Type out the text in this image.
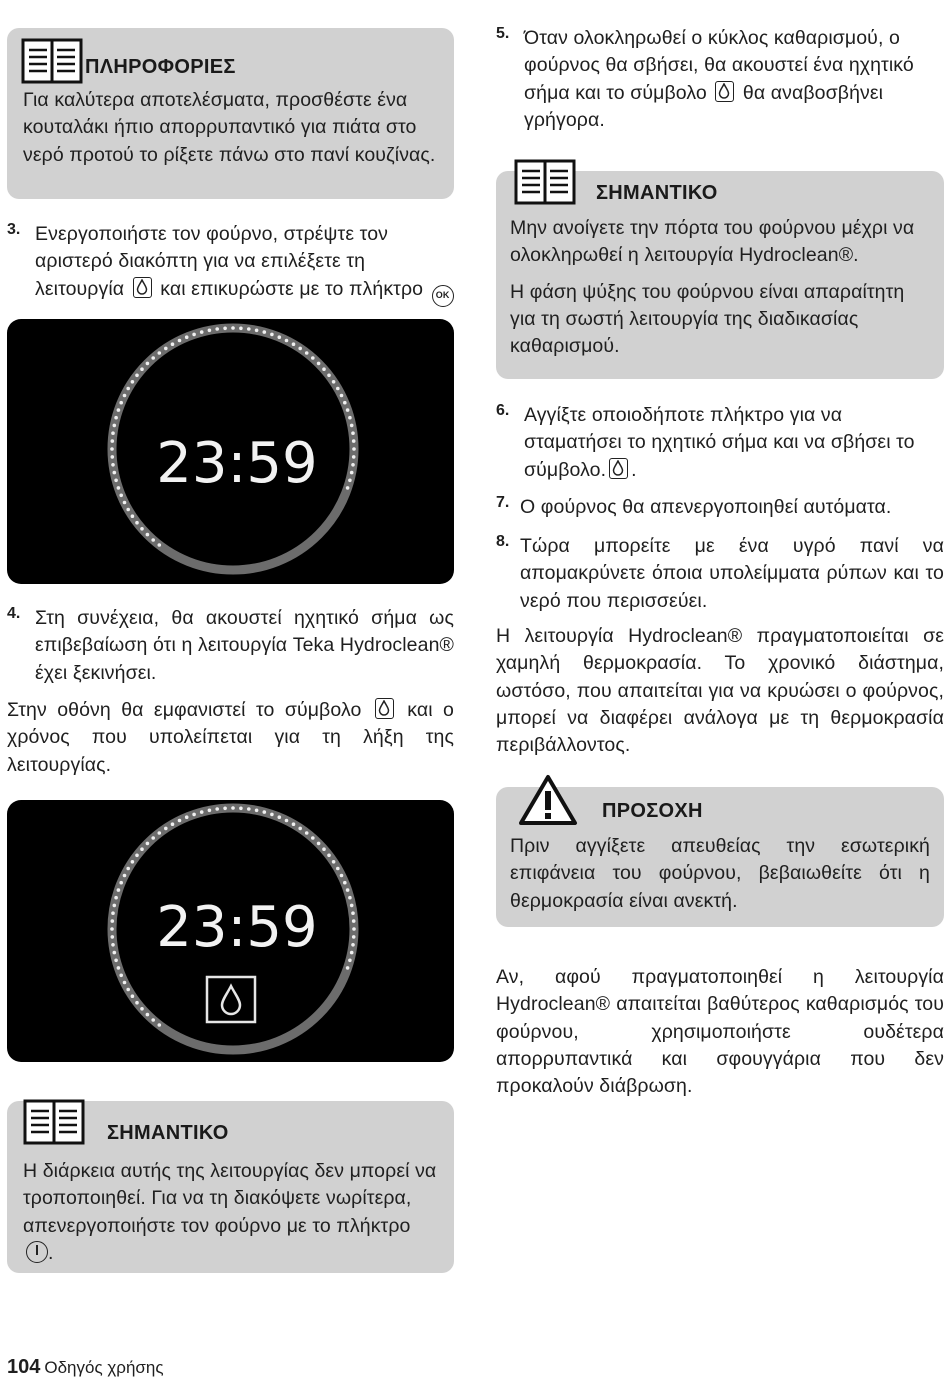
ΠΛΗΡΟΦΟΡΙΕΣ

Για καλύτερα αποτελέσματα, προσθέστε ένα κουταλάκι ήπιο απορρυπαντικό για πιάτα στο νερό προτού το ρίξετε πάνω στο πανί κουζίνας.

3. Ενεργοποιήστε τον φούρνο, στρέψτε τον αριστερό διακόπτη για να επιλέξετε τη λειτουργία και επικυρώστε με το πλήκτρο OK

23:59
4. Στη συνέχεια, θα ακουστεί ηχητικό σήμα ως επιβεβαίωση ότι η λειτουργία Teka Hydroclean® έχει ξεκινήσει.

Στην οθόνη θα εμφανιστεί το σύμβολο και ο χρόνος που υπολείπεται για τη λήξη της λειτουργίας.

23:59
ΣΗΜΑΝΤΙΚΟ

Η διάρκεια αυτής της λειτουργίας δεν μπορεί να τροποποιηθεί. Για να τη διακόψετε νωρίτερα, απενεργοποιήστε τον φούρνο με το πλήκτρο .

104 Οδηγός χρήσης
5. Όταν ολοκληρωθεί ο κύκλος καθαρισμού, ο φούρνος θα σβήσει, θα ακουστεί ένα ηχητικό σήμα και το σύμβολο θα αναβοσβήνει γρήγορα.

ΣΗΜΑΝΤΙΚΟ

Μην ανοίγετε την πόρτα του φούρνου μέχρι να ολοκληρωθεί η λειτουργία Hydroclean®.

Η φάση ψύξης του φούρνου είναι απαραίτητη για τη σωστή λειτουργία της διαδικασίας καθαρισμού.

6. Αγγίξτε οποιοδήποτε πλήκτρο για να σταματήσει το ηχητικό σήμα και να σβήσει το σύμβολο. .

7. Ο φούρνος θα απενεργοποιηθεί αυτόματα.

8. Τώρα μπορείτε με ένα υγρό πανί να απομακρύνετε όποια υπολείμματα ρύπων και το νερό που περισσεύει.

Η λειτουργία Hydroclean® πραγματοποιείται σε χαμηλή θερμοκρασία. Το χρονικό διάστημα, ωστόσο, που απαιτείται για να κρυώσει ο φούρνος, μπορεί να διαφέρει ανάλογα με τη θερμοκρασία περιβάλλοντος.

ΠΡΟΣΟΧΗ

Πριν αγγίξετε απευθείας την εσωτερική επιφάνεια του φούρνου, βεβαιωθείτε ότι η θερμοκρασία είναι ανεκτή.

Αν, αφού πραγματοποιηθεί η λειτουργία Hydroclean® απαιτείται βαθύτερος καθαρισμός του φούρνου, χρησιμοποιήστε ουδέτερα απορρυπαντικά και σφουγγάρια που δεν προκαλούν διάβρωση.
